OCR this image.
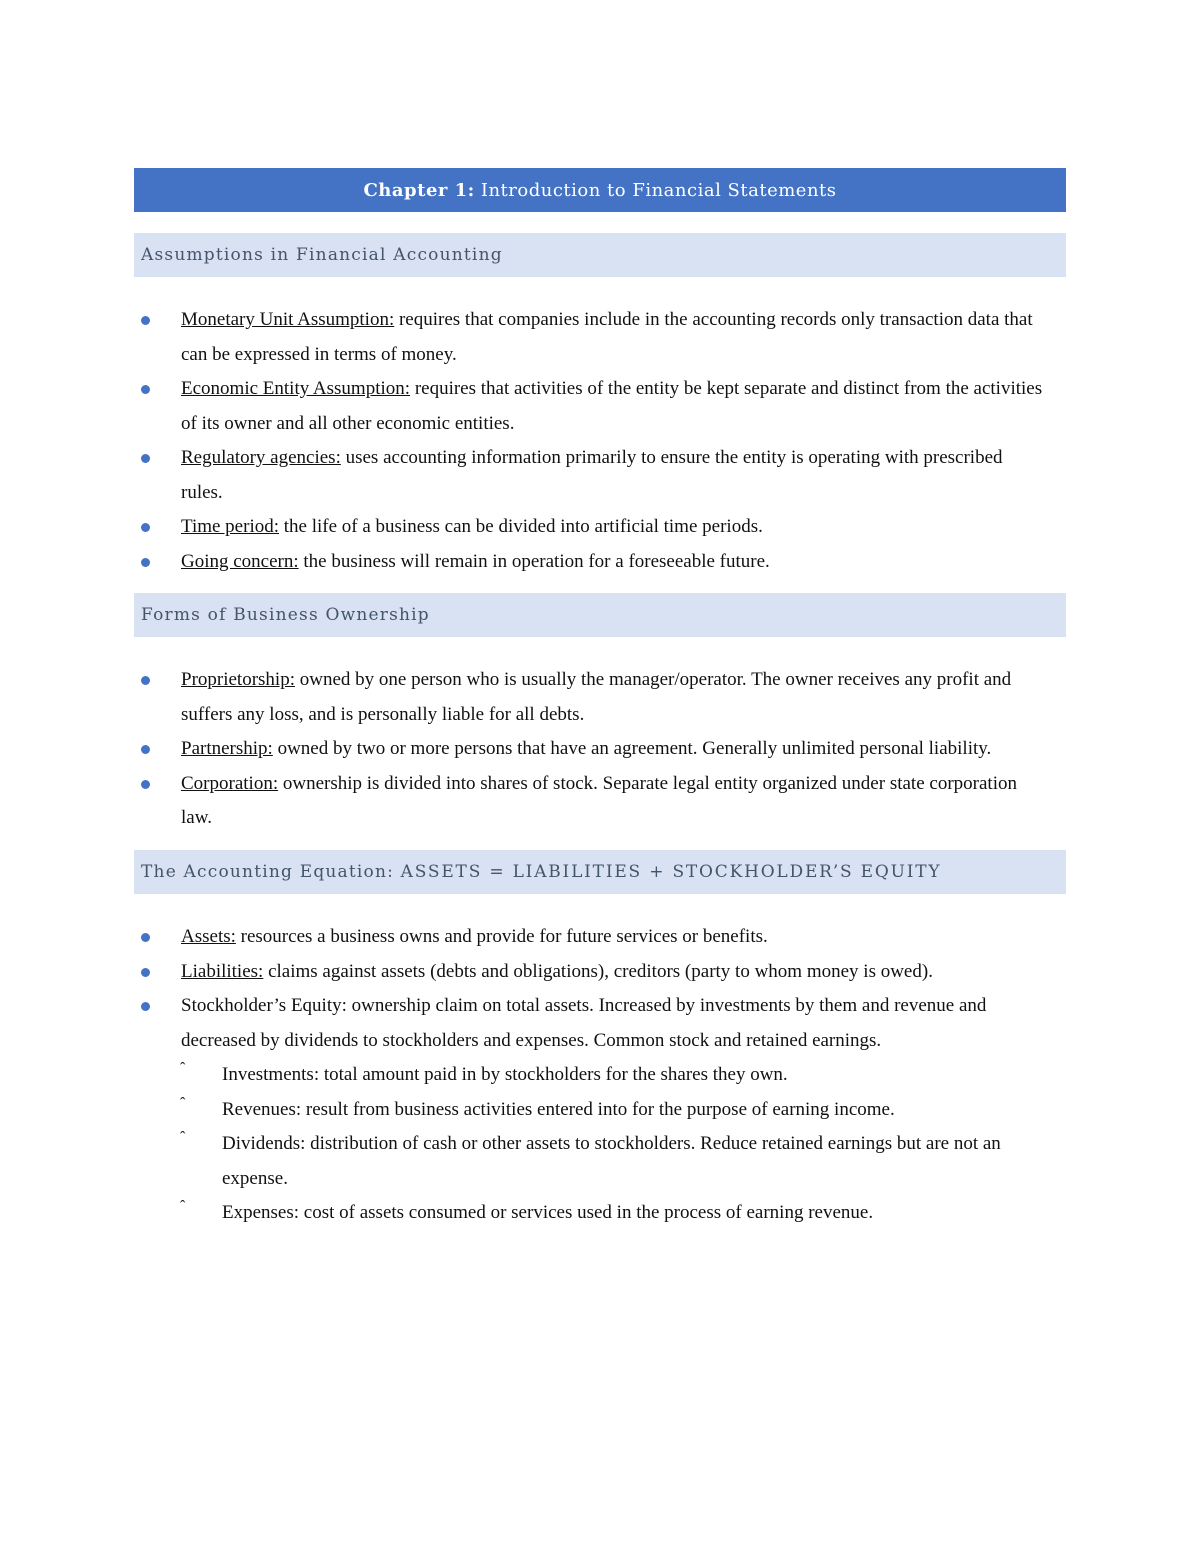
Chapter 1: Introduction to Financial Statements
Assumptions in Financial Accounting
Monetary Unit Assumption: requires that companies include in the accounting records only transaction data that can be expressed in terms of money.
Economic Entity Assumption: requires that activities of the entity be kept separate and distinct from the activities of its owner and all other economic entities.
Regulatory agencies: uses accounting information primarily to ensure the entity is operating with prescribed rules.
Time period: the life of a business can be divided into artificial time periods.
Going concern: the business will remain in operation for a foreseeable future.
Forms of Business Ownership
Proprietorship: owned by one person who is usually the manager/operator. The owner receives any profit and suffers any loss, and is personally liable for all debts.
Partnership: owned by two or more persons that have an agreement. Generally unlimited personal liability.
Corporation: ownership is divided into shares of stock. Separate legal entity organized under state corporation law.
The Accounting Equation:
ASSETS = LIABILITIES + STOCKHOLDER’S EQUITY
Assets: resources a business owns and provide for future services or benefits.
Liabilities: claims against assets (debts and obligations), creditors (party to whom money is owed).
Stockholder’s Equity: ownership claim on total assets. Increased by investments by them and revenue and decreased by dividends to stockholders and expenses. Common stock and retained earnings.
ˆ Investments: total amount paid in by stockholders for the shares they own.
ˆ Revenues: result from business activities entered into for the purpose of earning income.
ˆ Dividends: distribution of cash or other assets to stockholders. Reduce retained earnings but are not an expense.
ˆ Expenses: cost of assets consumed or services used in the process of earning revenue.
